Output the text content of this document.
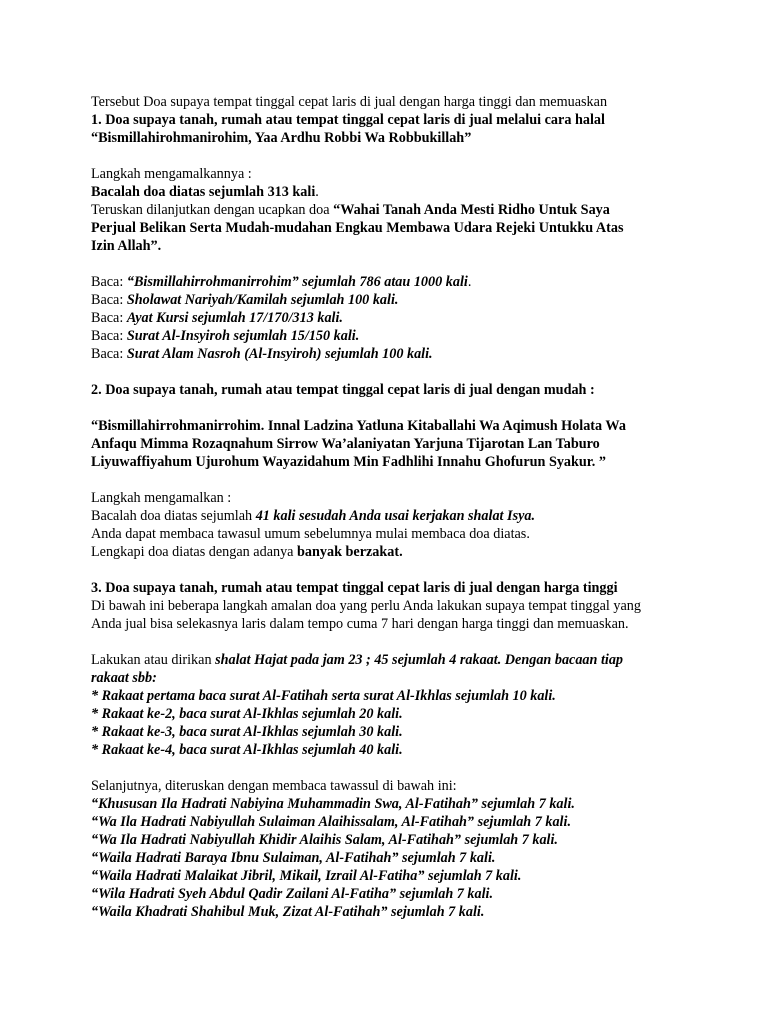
Tersebut Doa supaya tempat tinggal cepat laris di jual dengan harga tinggi dan memuaskan

1. Doa supaya tanah, rumah atau tempat tinggal cepat laris di jual melalui cara halal

“Bismillahirohmanirohim, Yaa Ardhu Robbi Wa Robbukillah”

Langkah mengamalkannya :

Bacalah doa diatas sejumlah 313 kali.

Teruskan dilanjutkan dengan ucapkan doa “Wahai Tanah Anda Mesti Ridho Untuk Saya

Perjual Belikan Serta Mudah-mudahan Engkau Membawa Udara Rejeki Untukku Atas

Izin Allah”.

Baca: “Bismillahirrohmanirrohim” sejumlah 786 atau 1000 kali.

Baca: Sholawat Nariyah/Kamilah sejumlah 100 kali.

Baca: Ayat Kursi sejumlah 17/170/313 kali.

Baca: Surat Al-Insyiroh sejumlah 15/150 kali.

Baca: Surat Alam Nasroh (Al-Insyiroh) sejumlah 100 kali.

2. Doa supaya tanah, rumah atau tempat tinggal cepat laris di jual dengan mudah :

“Bismillahirrohmanirrohim. Innal Ladzina Yatluna Kitaballahi Wa Aqimush Holata Wa

Anfaqu Mimma Rozaqnahum Sirrow Wa’alaniyatan Yarjuna Tijarotan Lan Taburo

Liyuwaffiyahum Ujurohum Wayazidahum Min Fadhlihi Innahu Ghofurun Syakur. ”

Langkah mengamalkan :

Bacalah doa diatas sejumlah 41 kali sesudah Anda usai kerjakan shalat Isya.

Anda dapat membaca tawasul umum sebelumnya mulai membaca doa diatas.

Lengkapi doa diatas dengan adanya banyak berzakat.

3. Doa supaya tanah, rumah atau tempat tinggal cepat laris di jual dengan harga tinggi

Di bawah ini beberapa langkah amalan doa yang perlu Anda lakukan supaya tempat tinggal yang

Anda jual bisa selekasnya laris dalam tempo cuma 7 hari dengan harga tinggi dan memuaskan.

Lakukan atau dirikan shalat Hajat pada jam 23 ; 45 sejumlah 4 rakaat. Dengan bacaan tiap

rakaat sbb:

* Rakaat pertama baca surat Al-Fatihah serta surat Al-Ikhlas sejumlah 10 kali.

* Rakaat ke-2, baca surat Al-Ikhlas sejumlah 20 kali.

* Rakaat ke-3, baca surat Al-Ikhlas sejumlah 30 kali.

* Rakaat ke-4, baca surat Al-Ikhlas sejumlah 40 kali.

Selanjutnya, diteruskan dengan membaca tawassul di bawah ini:

“Khususan Ila Hadrati Nabiyina Muhammadin Swa, Al-Fatihah” sejumlah 7 kali.

“Wa Ila Hadrati Nabiyullah Sulaiman Alaihissalam, Al-Fatihah” sejumlah 7 kali.

“Wa Ila Hadrati Nabiyullah Khidir Alaihis Salam, Al-Fatihah” sejumlah 7 kali.

“Waila Hadrati Baraya Ibnu Sulaiman, Al-Fatihah” sejumlah 7 kali.

“Waila Hadrati Malaikat Jibril, Mikail, Izrail Al-Fatiha” sejumlah 7 kali.

“Wila Hadrati Syeh Abdul Qadir Zailani Al-Fatiha” sejumlah 7 kali.

“Waila Khadrati Shahibul Muk, Zizat Al-Fatihah” sejumlah 7 kali.
